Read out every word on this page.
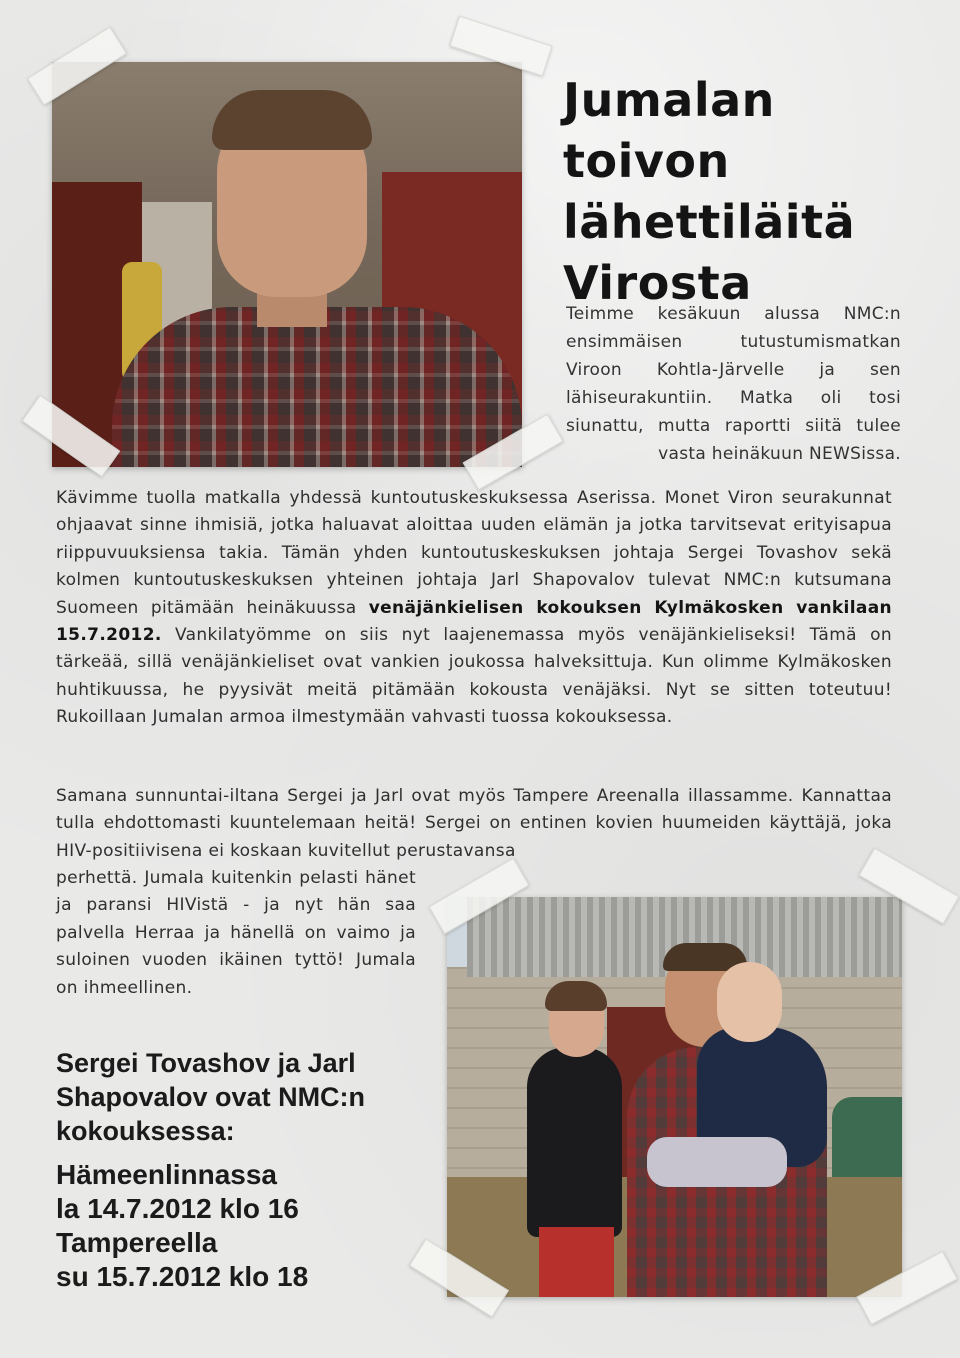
Jumalan
toivon
lähettiläitä
Virosta
Teimme kesäkuun alussa NMC:n ensimmäisen tutustumismatkan Viroon Kohtla-Järvelle ja sen lähiseurakuntiin. Matka oli tosi siunattu, mutta raportti siitä tulee vasta heinäkuun NEWSissa.
Kävimme tuolla matkalla yhdessä kuntoutuskeskuksessa Aserissa. Monet Viron seurakunnat ohjaavat sinne ihmisiä, jotka haluavat aloittaa uuden elämän ja jotka tarvitsevat erityisapua riippuvuuksiensa takia. Tämän yhden kuntoutuskeskuksen johtaja Sergei Tovashov sekä kolmen kuntoutuskeskuksen yhteinen johtaja Jarl Shapovalov tulevat NMC:n kutsumana Suomeen pitämään heinäkuussa venäjänkielisen kokouksen Kylmäkosken vankilaan 15.7.2012. Vankilatyömme on siis nyt laajenemassa myös venäjänkieliseksi! Tämä on tärkeää, sillä venäjänkieliset ovat vankien joukossa halveksittuja. Kun olimme Kylmäkosken huhtikuussa, he pyysivät meitä pitämään kokousta venäjäksi. Nyt se sitten toteutuu! Rukoillaan Jumalan armoa ilmestymään vahvasti tuossa kokouksessa.
Samana sunnuntai-iltana Sergei ja Jarl ovat myös Tampere Areenalla illassamme. Kannattaa tulla ehdottomasti kuuntelemaan heitä! Sergei on entinen kovien huumeiden käyttäjä, joka HIV-positiivisena ei koskaan kuvitellut perustavansa
perhettä. Jumala kuitenkin pelasti hänet ja paransi HIVistä - ja nyt hän saa palvella Herraa ja hänellä on vaimo ja suloinen vuoden ikäinen tyttö! Jumala on ihmeellinen.
Sergei Tovashov ja Jarl Shapovalov ovat NMC:n kokouksessa:
Hämeenlinnassa
la 14.7.2012 klo 16
Tampereella
su 15.7.2012 klo 18
